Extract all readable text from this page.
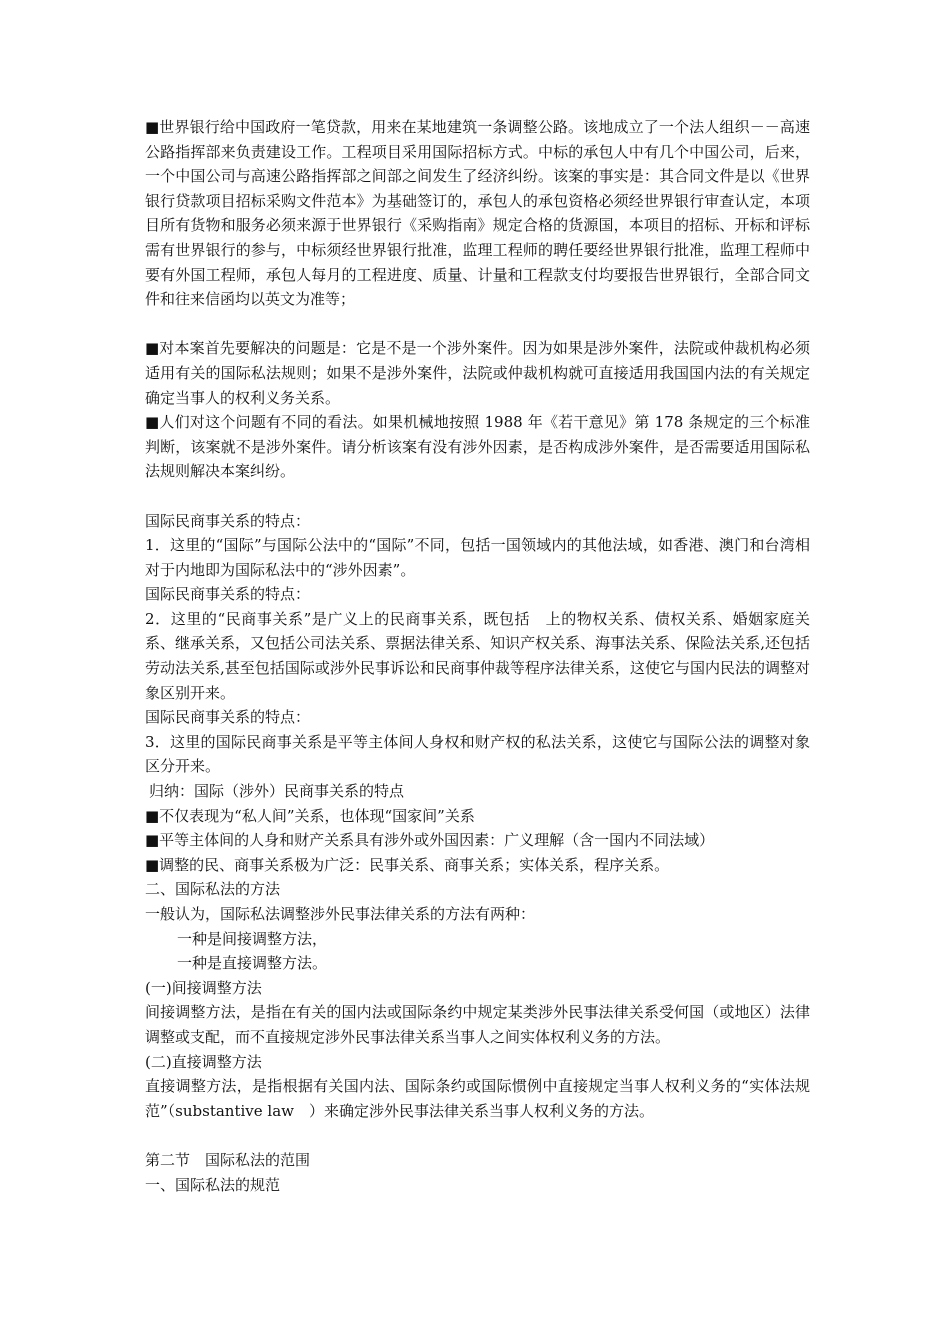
■世界银行给中国政府一笔贷款，用来在某地建筑一条调整公路。该地成立了一个法人组织－－高速公路指挥部来负责建设工作。工程项目采用国际招标方式。中标的承包人中有几个中国公司，后来，一个中国公司与高速公路指挥部之间部之间发生了经济纠纷。该案的事实是：其合同文件是以《世界银行贷款项目招标采购文件范本》为基础签订的，承包人的承包资格必须经世界银行审查认定，本项目所有货物和服务必须来源于世界银行《采购指南》规定合格的货源国，本项目的招标、开标和评标需有世界银行的参与，中标须经世界银行批准，监理工程师的聘任要经世界银行批准，监理工程师中要有外国工程师，承包人每月的工程进度、质量、计量和工程款支付均要报告世界银行，全部合同文件和往来信函均以英文为准等；

■对本案首先要解决的问题是：它是不是一个涉外案件。因为如果是涉外案件，法院或仲裁机构必须适用有关的国际私法规则；如果不是涉外案件，法院或仲裁机构就可直接适用我国国内法的有关规定确定当事人的权利义务关系。

■人们对这个问题有不同的看法。如果机械地按照 1988 年《若干意见》第 178 条规定的三个标准判断，该案就不是涉外案件。请分析该案有没有涉外因素，是否构成涉外案件，是否需要适用国际私法规则解决本案纠纷。

国际民商事关系的特点：

1．这里的“国际”与国际公法中的“国际”不同，包括一国领域内的其他法域，如香港、澳门和台湾相对于内地即为国际私法中的“涉外因素”。

国际民商事关系的特点：

2．这里的“民商事关系”是广义上的民商事关系，既包括　上的物权关系、债权关系、婚姻家庭关系、继承关系，又包括公司法关系、票据法律关系、知识产权关系、海事法关系、保险法关系,还包括劳动法关系,甚至包括国际或涉外民事诉讼和民商事仲裁等程序法律关系，这使它与国内民法的调整对象区别开来。

国际民商事关系的特点：

3．这里的国际民商事关系是平等主体间人身权和财产权的私法关系，这使它与国际公法的调整对象区分开来。

归纳：国际（涉外）民商事关系的特点

■不仅表现为“私人间”关系，也体现“国家间”关系

■平等主体间的人身和财产关系具有涉外或外国因素：广义理解（含一国内不同法域）

■调整的民、商事关系极为广泛：民事关系、商事关系；实体关系，程序关系。

二、国际私法的方法

一般认为，国际私法调整涉外民事法律关系的方法有两种：

一种是间接调整方法，

一种是直接调整方法。

(一)间接调整方法

间接调整方法，是指在有关的国内法或国际条约中规定某类涉外民事法律关系受何国（或地区）法律调整或支配，而不直接规定涉外民事法律关系当事人之间实体权利义务的方法。

(二)直接调整方法

直接调整方法，是指根据有关国内法、国际条约或国际惯例中直接规定当事人权利义务的“实体法规范”（substantive law　）来确定涉外民事法律关系当事人权利义务的方法。

第二节　国际私法的范围

一、国际私法的规范
